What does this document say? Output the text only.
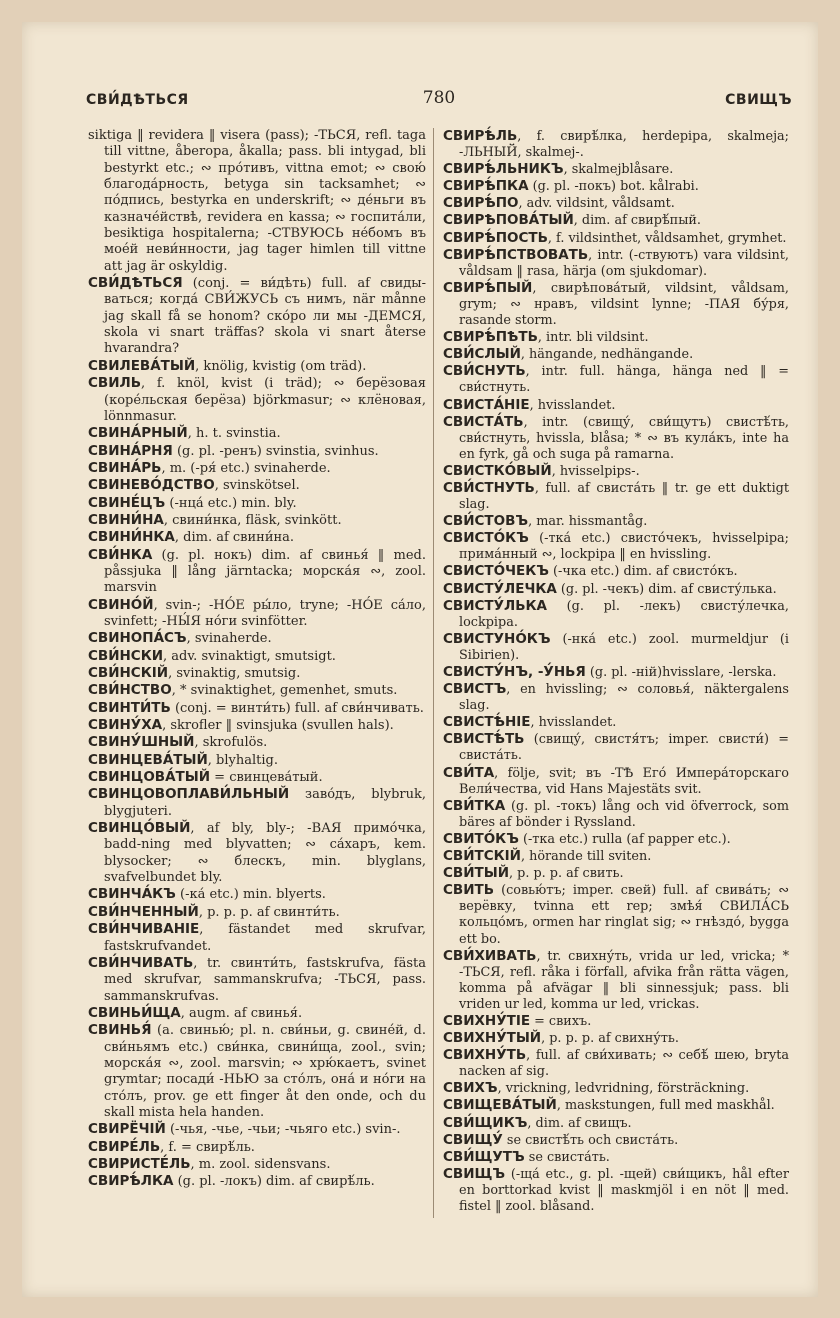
СВИ́ДѢТЬСЯ	780	СВИЩЪ

siktiga ‖ revidera ‖ visera (pass); -ТЬСЯ, refl. taga till vittne, åberopa, åkalla; pass. bli intygad, bli bestyrkt etc.; ∾ про́тивъ, vittna emot; ∾ свою́ благода́рность, betyga sin tacksamhet; ∾ по́дпись, bestyrka en underskrift; ∾ де́ньги въ казначе́йствѣ, revidera en kassa; ∾ госпита́ли, besiktiga hospitalerna; -СТВУЮСЬ не́бомъ въ моéй неви́нности, jag tager himlen till vittne att jag är oskyldig.

СВИ́ДѢТЬСЯ (conj. = ви́дѣть) full. af свиды-ваться; когда́ СВИ́ЖУСЬ съ нимъ, när månne jag skall få se honom? ско́ро ли мы -ДЕМСЯ, skola vi snart träffas? skola vi snart återse hvarandra?

СВИЛЕВА́ТЫЙ, knölig, kvistig (om träd).

СВИЛЬ, f. knöl, kvist (i träd); ∾ берёзовая (коре́льская берёза) björkmasur; ∾ клёновая, lönnmasur.

СВИНА́РНЫЙ, h. t. svinstia.

СВИНА́РНЯ (g. pl. -ренъ) svinstia, svinhus.

СВИНА́РЬ, m. (-ря́ etc.) svinaherde.

СВИНЕВО́ДСТВО, svinskötsel.

СВИНЕ́ЦЪ (-нца́ etc.) min. bly.

СВИНИ́НА, свини́нка, fläsk, svinkött.

СВИНИ́НКА, dim. af свини́на.

СВИ́НКА (g. pl. нокъ) dim. af свинья́ ‖ med. påssjuka ‖ lång järntacka; морска́я ∾, zool. marsvin

СВИНО́Й, svin-; -НО́Е ры́ло, tryne; -НО́Е са́ло, svinfett; -НЫ́Я но́ги svinfötter.

СВИНОПА́СЪ, svinaherde.

СВИ́НСКИ, adv. svinaktigt, smutsigt.

СВИ́НСКІЙ, svinaktig, smutsig.

СВИ́НСТВО, * svinaktighet, gemenhet, smuts.

СВИНТИ́ТЬ (conj. = винти́ть) full. af сви́нчивать.

СВИНУ́ХА, skrofler ‖ svinsjuka (svullen hals).

СВИНУ́ШНЫЙ, skrofulös.

СВИНЦЕВА́ТЫЙ, blyhaltig.

СВИНЦОВА́ТЫЙ = свинцева́тый.

СВИНЦОВОПЛАВИ́ЛЬНЫЙ заво́дъ, blybruk, blygjuteri.

СВИНЦО́ВЫЙ, af bly, bly-; -ВАЯ примо́чка, badd-ning med blyvatten; ∾ са́харъ, kem. blysocker; ∾ блескъ, min. blyglans, svafvelbundet bly.

СВИНЧА́КЪ (-ка́ etc.) min. blyerts.

СВИ́НЧЕННЫЙ, p. p. p. af свинти́ть.

СВИ́НЧИВАНІЕ, fästandet med skrufvar, fastskrufvandet.

СВИ́НЧИВАТЬ, tr. свинти́ть, fastskrufva, fästa med skrufvar, sammanskrufva; -ТЬСЯ, pass. sammanskrufvas.

СВИНЬИ́ЩА, augm. af свинья́.

СВИНЬЯ́ (a. свинью́; pl. n. сви́ньи, g. свине́й, d. сви́ньямъ etc.) сви́нка, свини́ща, zool., svin; морска́я ∾, zool. marsvin; ∾ хрю́каетъ, svinet grymtar; посади́ -НЬЮ за сто́лъ, она́ и но́ги на сто́лъ, prov. ge ett finger åt den onde, och du skall mista hela handen.

СВИРЁЧІЙ (-чья, -чье, -чьи; -чьяго etc.) svin-.

СВИРЕ́ЛЬ, f. = свирѣ́ль.

СВИРИСТЕ́ЛЬ, m. zool. sidensvans.

СВИРѢ́ЛКА (g. pl. -локъ) dim. af свирѣ́ль.

СВИРѢ́ЛЬ, f. свирѣ́лка, herdepipa, skalmeja; -ЛЬНЫЙ, skalmej-.

СВИРѢ́ЛЬНИКЪ, skalmejblåsare.

СВИРѢ́ПКА (g. pl. -покъ) bot. kålrabi.

СВИРѢ́ПО, adv. vildsint, våldsamt.

СВИРѢПОВА́ТЫЙ, dim. af свирѣ́пый.

СВИРѢ́ПОСТЬ, f. vildsinthet, våldsamhet, grymhet.

СВИРѢ́ПСТВОВАТЬ, intr. (-ствуютъ) vara vildsint, våldsam ‖ rasa, härja (om sjukdomar).

СВИРѢ́ПЫЙ, свирѣпова́тый, vildsint, våldsam, grym; ∾ нравъ, vildsint lynne; -ПАЯ бу́ря, rasande storm.

СВИРѢ́ПѢТЬ, intr. bli vildsint.

СВИ́СЛЫЙ, hängande, nedhängande.

СВИ́СНУТЬ, intr. full. hänga, hänga ned ‖ = сви́стнуть.

СВИСТА́НІЕ, hvisslandet.

СВИСТА́ТЬ, intr. (свищу́, сви́щутъ) свистѣ́ть, сви́стнуть, hvissla, blåsa; * ∾ въ кула́къ, inte ha en fyrk, gå och suga på ramarna.

СВИСТКО́ВЫЙ, hvisselpips-.

СВИ́СТНУТЬ, full. af свиста́ть ‖ tr. ge ett duktigt slag.

СВИ́СТОВЪ, mar. hissmantåg.

СВИСТО́КЪ (-тка́ etc.) свисто́чекъ, hvisselpipa; прима́нный ∾, lockpipa ‖ en hvissling.

СВИСТО́ЧЕКЪ (-чка etc.) dim. af свисто́къ.

СВИСТУ́ЛЕЧКА (g. pl. -чекъ) dim. af свисту́лька.

СВИСТУ́ЛЬКА (g. pl. -лекъ) свисту́лечка, lockpipa.

СВИСТУНО́КЪ (-нка́ etc.) zool. murmeldjur (i Sibirien).

СВИСТУ́НЪ, -У́НЬЯ (g. pl. -ній)hvisslare, -lerska.

СВИСТЪ, en hvissling; ∾ соловья́, näktergalens slag.

СВИСТѢ́НІЕ, hvisslandet.

СВИСТѢ́ТЬ (свищу́, свистя́тъ; imper. свисти́) = свиста́ть.

СВИ́ТА, följe, svit; въ -ТѢ Его́ Импера́торскаго Вели́чества, vid Hans Majestäts svit.

СВИ́ТКА (g. pl. -токъ) lång och vid öfverrock, som bäres af bönder i Ryssland.

СВИТО́КЪ (-тка etc.) rulla (af papper etc.).

СВИ́ТСКІЙ, hörande till sviten.

СВИ́ТЫЙ, p. p. p. af свить.

СВИТЬ (совью́тъ; imper. свей) full. af свива́ть; ∾ верёвку, tvinna ett rep; змѣя́ СВИЛА́СЬ кольцо́мъ, ormen har ringlat sig; ∾ гнѣздо́, bygga ett bo.

СВИ́ХИВАТЬ, tr. свихну́ть, vrida ur led, vricka; * -ТЬСЯ, refl. råka i förfall, afvika från rätta vägen, komma på afvägar ‖ bli sinnessjuk; pass. bli vriden ur led, komma ur led, vrickas.

СВИХНУ́ТІЕ = свихъ.

СВИХНУ́ТЫЙ, p. p. p. af свихну́ть.

СВИХНУ́ТЬ, full. af сви́хивать; ∾ себѣ́ шею, bryta nacken af sig.

СВИХЪ, vrickning, ledvridning, försträckning.

СВИЩЕВА́ТЫЙ, maskstungen, full med maskhål.

СВИ́ЩИКЪ, dim. af свищъ.

СВИЩУ́ se свистѣ́ть och свиста́ть.

СВИ́ЩУТЪ se свиста́ть.

СВИЩЪ (-ща́ etc., g. pl. -щей) сви́щикъ, hål efter en borttorkad kvist ‖ maskmjöl i en nöt ‖ med. fistel ‖ zool. blåsand.
